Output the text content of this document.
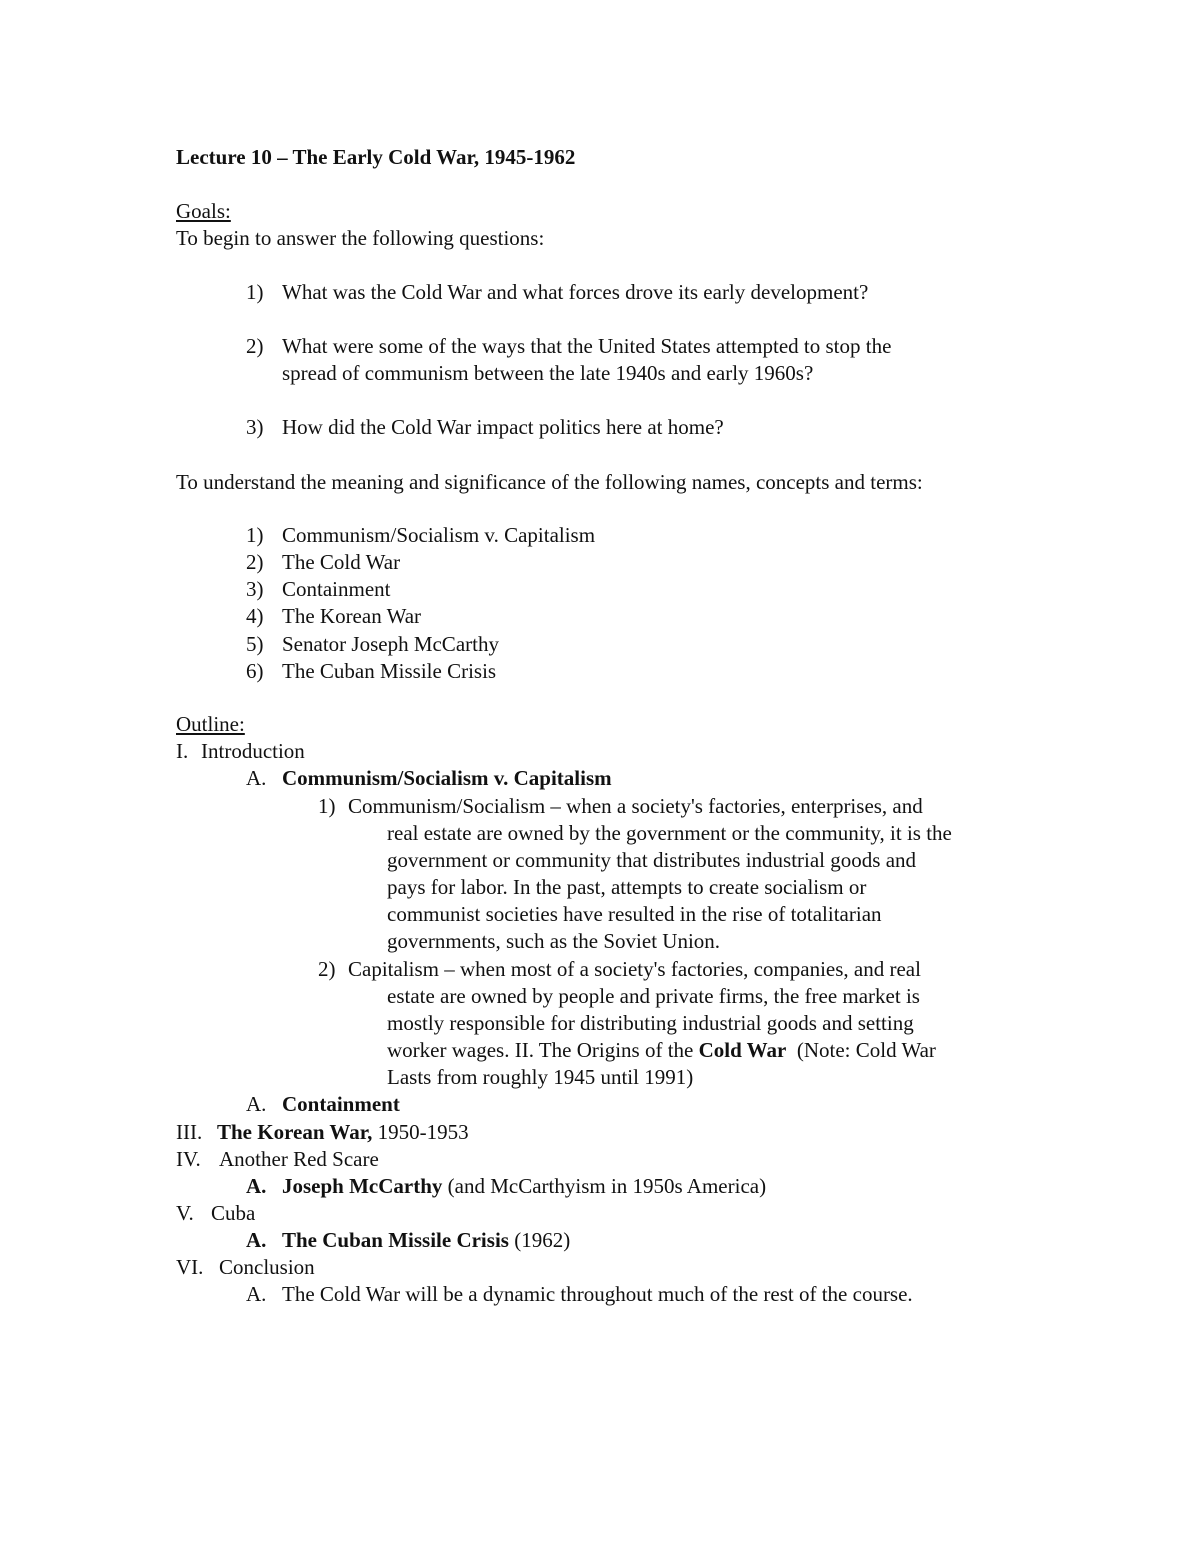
Lecture 10 – The Early Cold War, 1945-1962
Goals:
To begin to answer the following questions:
1) What was the Cold War and what forces drove its early development?
2) What were some of the ways that the United States attempted to stop the
spread of communism between the late 1940s and early 1960s?
3) How did the Cold War impact politics here at home?
To understand the meaning and significance of the following names, concepts and terms:
1) Communism/Socialism v. Capitalism
2) The Cold War
3) Containment
4) The Korean War
5) Senator Joseph McCarthy
6) The Cuban Missile Crisis
Outline:
I. Introduction
A. Communism/Socialism v. Capitalism
1) Communism/Socialism – when a society's factories, enterprises, and
real estate are owned by the government or the community, it is the
government or community that distributes industrial goods and
pays for labor. In the past, attempts to create socialism or
communist societies have resulted in the rise of totalitarian
governments, such as the Soviet Union.
2) Capitalism – when most of a society's factories, companies, and real
estate are owned by people and private firms, the free market is
mostly responsible for distributing industrial goods and setting
worker wages. II. The Origins of the Cold War  (Note: Cold War
Lasts from roughly 1945 until 1991)
A. Containment
III. The Korean War, 1950-1953
IV. Another Red Scare
A. Joseph McCarthy (and McCarthyism in 1950s America)
V. Cuba
A. The Cuban Missile Crisis (1962)
VI. Conclusion
A. The Cold War will be a dynamic throughout much of the rest of the course.
